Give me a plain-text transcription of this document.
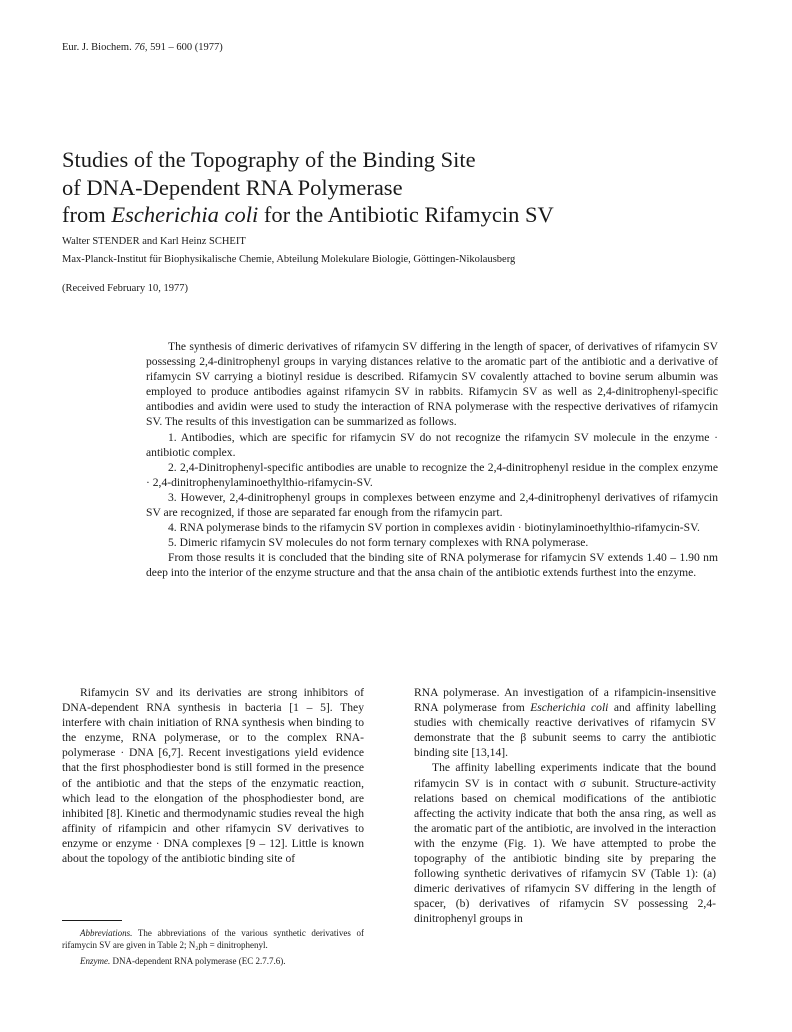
Eur. J. Biochem. 76, 591 – 600 (1977)
Studies of the Topography of the Binding Site
of DNA-Dependent RNA Polymerase
from Escherichia coli for the Antibiotic Rifamycin SV
Walter STENDER and Karl Heinz SCHEIT
Max-Planck-Institut für Biophysikalische Chemie, Abteilung Molekulare Biologie, Göttingen-Nikolausberg
(Received February 10, 1977)

The synthesis of dimeric derivatives of rifamycin SV differing in the length of spacer, of derivatives of rifamycin SV possessing 2,4-dinitrophenyl groups in varying distances relative to the aromatic part of the antibiotic and a derivative of rifamycin SV carrying a biotinyl residue is described. Rifamycin SV covalently attached to bovine serum albumin was employed to produce antibodies against rifamycin SV in rabbits. Rifamycin SV as well as 2,4-dinitrophenyl-specific antibodies and avidin were used to study the interaction of RNA polymerase with the respective derivatives of rifamycin SV. The results of this investigation can be summarized as follows.

1. Antibodies, which are specific for rifamycin SV do not recognize the rifamycin SV molecule in the enzyme · antibiotic complex.

2. 2,4-Dinitrophenyl-specific antibodies are unable to recognize the 2,4-dinitrophenyl residue in the complex enzyme · 2,4-dinitrophenylaminoethylthio-rifamycin-SV.

3. However, 2,4-dinitrophenyl groups in complexes between enzyme and 2,4-dinitrophenyl derivatives of rifamycin SV are recognized, if those are separated far enough from the rifamycin part.

4. RNA polymerase binds to the rifamycin SV portion in complexes avidin · biotinylaminoethylthio-rifamycin-SV.

5. Dimeric rifamycin SV molecules do not form ternary complexes with RNA polymerase.

From those results it is concluded that the binding site of RNA polymerase for rifamycin SV extends 1.40 – 1.90 nm deep into the interior of the enzyme structure and that the ansa chain of the antibiotic extends furthest into the enzyme.

Rifamycin SV and its derivaties are strong inhibitors of DNA-dependent RNA synthesis in bacteria [1 – 5]. They interfere with chain initiation of RNA synthesis when binding to the enzyme, RNA polymerase, or to the complex RNA-polymerase · DNA [6,7]. Recent investigations yield evidence that the first phosphodiester bond is still formed in the presence of the antibiotic and that the steps of the enzymatic reaction, which lead to the elongation of the phosphodiester bond, are inhibited [8]. Kinetic and thermodynamic studies reveal the high affinity of rifampicin and other rifamycin SV derivatives to enzyme or enzyme · DNA complexes [9 – 12]. Little is known about the topology of the antibiotic binding site of

RNA polymerase. An investigation of a rifampicin-insensitive RNA polymerase from Escherichia coli and affinity labelling studies with chemically reactive derivatives of rifamycin SV demonstrate that the β subunit seems to carry the antibiotic binding site [13,14].

The affinity labelling experiments indicate that the bound rifamycin SV is in contact with σ subunit. Structure-activity relations based on chemical modifications of the antibiotic affecting the activity indicate that both the ansa ring, as well as the aromatic part of the antibiotic, are involved in the interaction with the enzyme (Fig. 1). We have attempted to probe the topography of the antibiotic binding site by preparing the following synthetic derivatives of rifamycin SV (Table 1): (a) dimeric derivatives of rifamycin SV differing in the length of spacer, (b) derivatives of rifamycin SV possessing 2,4-dinitrophenyl groups in

Abbreviations. The abbreviations of the various synthetic derivatives of rifamycin SV are given in Table 2; N₂ph = dinitrophenyl.

Enzyme. DNA-dependent RNA polymerase (EC 2.7.7.6).
